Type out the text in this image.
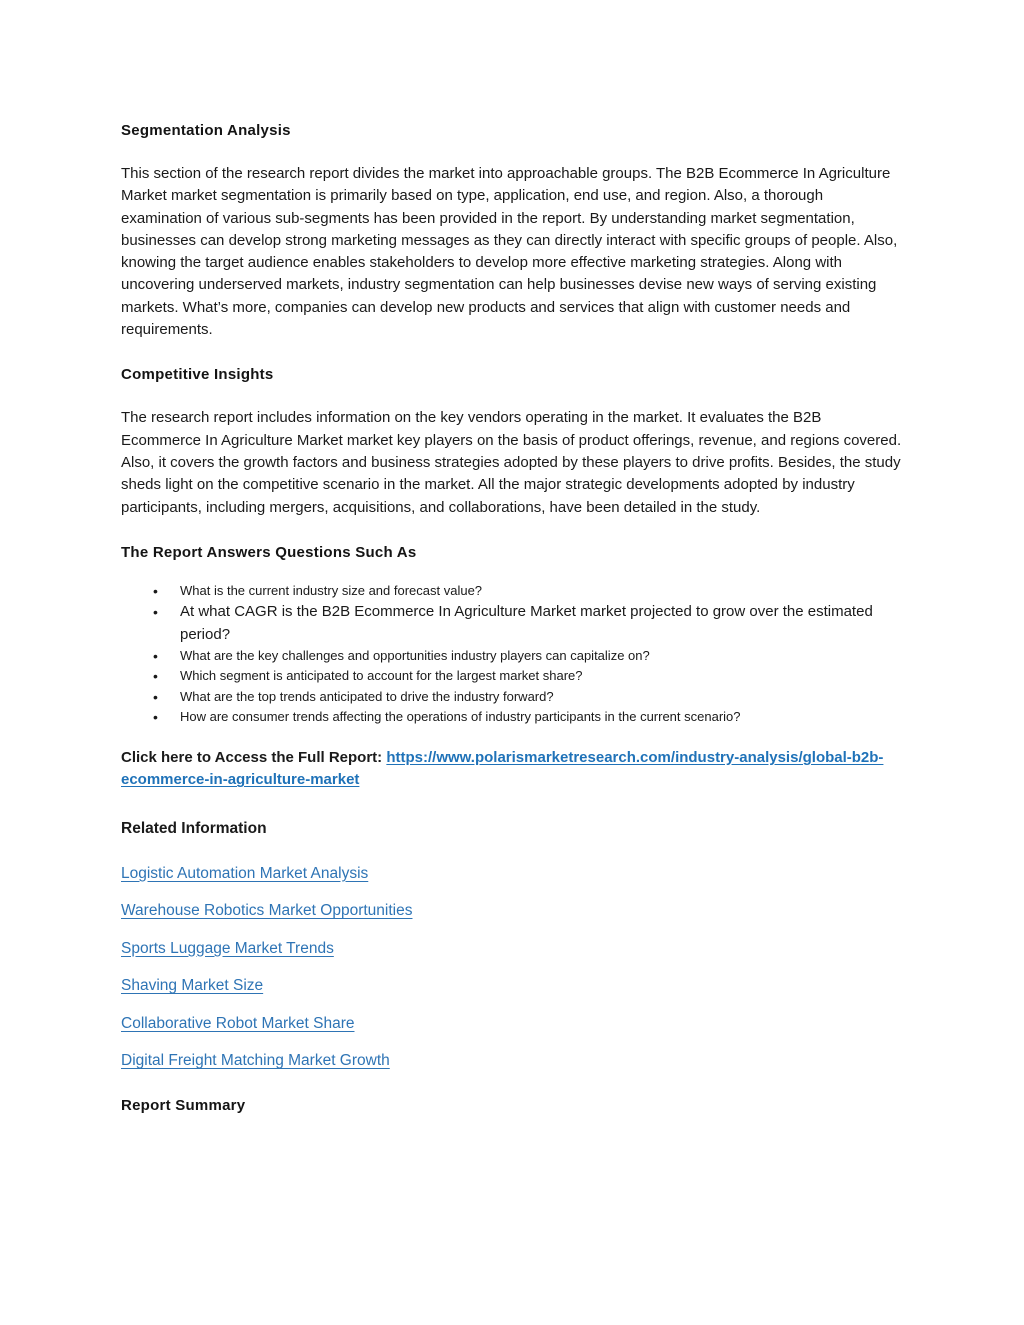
Segmentation Analysis

This section of the research report divides the market into approachable groups. The B2B Ecommerce In Agriculture Market market segmentation is primarily based on type, application, end use, and region. Also, a thorough examination of various sub-segments has been provided in the report. By understanding market segmentation, businesses can develop strong marketing messages as they can directly interact with specific groups of people. Also, knowing the target audience enables stakeholders to develop more effective marketing strategies. Along with uncovering underserved markets, industry segmentation can help businesses devise new ways of serving existing markets. What’s more, companies can develop new products and services that align with customer needs and requirements.

Competitive Insights

The research report includes information on the key vendors operating in the market. It evaluates the B2B Ecommerce In Agriculture Market market key players on the basis of product offerings, revenue, and regions covered. Also, it covers the growth factors and business strategies adopted by these players to drive profits. Besides, the study sheds light on the competitive scenario in the market. All the major strategic developments adopted by industry participants, including mergers, acquisitions, and collaborations, have been detailed in the study.

The Report Answers Questions Such As
• What is the current industry size and forecast value?
• At what CAGR is the B2B Ecommerce In Agriculture Market market projected to grow over the estimated period?
• What are the key challenges and opportunities industry players can capitalize on?
• Which segment is anticipated to account for the largest market share?
• What are the top trends anticipated to drive the industry forward?
• How are consumer trends affecting the operations of industry participants in the current scenario?

Click here to Access the Full Report: https://www.polarismarketresearch.com/industry-analysis/global-b2b-ecommerce-in-agriculture-market

Related Information
Logistic Automation Market Analysis
Warehouse Robotics Market Opportunities
Sports Luggage Market Trends
Shaving Market Size
Collaborative Robot Market Share
Digital Freight Matching Market Growth
Report Summary
